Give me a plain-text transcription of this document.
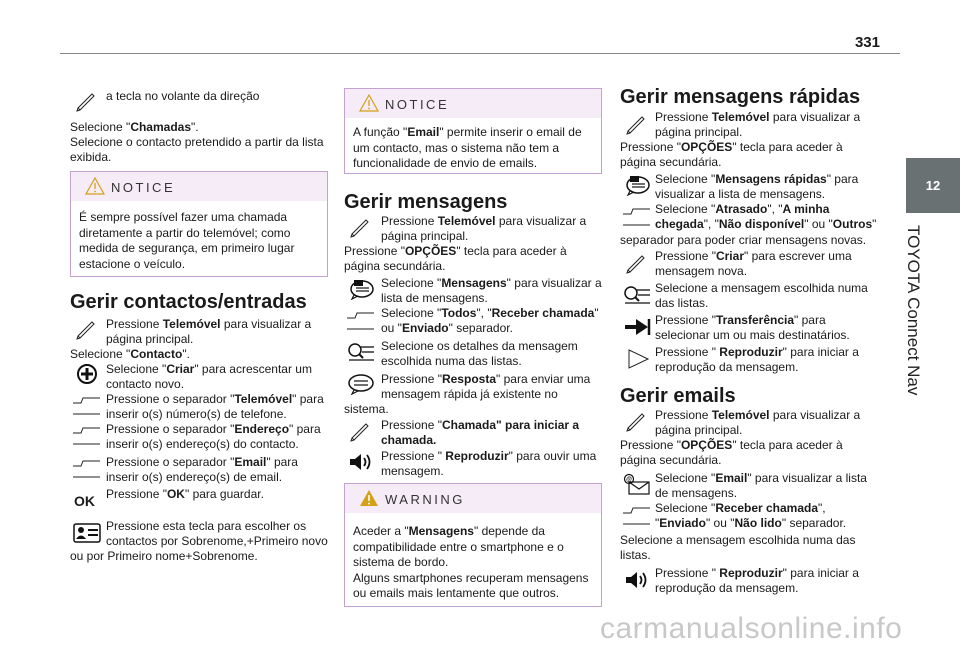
331
12
TOYOTA Connect Nav
a tecla no volante da direção
Selecione "Chamadas".
Selecione o contacto pretendido a partir da lista
exibida.
NOTICE
É sempre possível fazer uma chamada
diretamente a partir do telemóvel; como
medida de segurança, em primeiro lugar
estacione o veículo.
Gerir contactos/entradas
Pressione Telemóvel para visualizar a
página principal.
Selecione "Contacto".
Selecione "Criar" para acrescentar um
contacto novo.
Pressione o separador "Telemóvel" para
inserir o(s) número(s) de telefone.
Pressione o separador "Endereço" para
inserir o(s) endereço(s) do contacto.
Pressione o separador "Email" para
inserir o(s) endereço(s) de email.
OK Pressione "OK" para guardar.
Pressione esta tecla para escolher os
contactos por Sobrenome,+Primeiro novo
ou por Primeiro nome+Sobrenome.
NOTICE
A função "Email" permite inserir o email de
um contacto, mas o sistema não tem a
funcionalidade de envio de emails.
Gerir mensagens
Pressione Telemóvel para visualizar a
página principal.
Pressione "OPÇÕES" tecla para aceder à
página secundária.
Selecione "Mensagens" para visualizar a
lista de mensagens.
Selecione "Todos", "Receber chamada"
ou "Enviado" separador.
Selecione os detalhes da mensagem
escolhida numa das listas.
Pressione "Resposta" para enviar uma
mensagem rápida já existente no
sistema.
Pressione "Chamada" para iniciar a
chamada.
Pressione " Reproduzir" para ouvir uma
mensagem.
WARNING
Aceder a "Mensagens" depende da
compatibilidade entre o smartphone e o
sistema de bordo.
Alguns smartphones recuperam mensagens
ou emails mais lentamente que outros.
Gerir mensagens rápidas
Pressione Telemóvel para visualizar a
página principal.
Pressione "OPÇÕES" tecla para aceder à
página secundária.
Selecione "Mensagens rápidas" para
visualizar a lista de mensagens.
Selecione "Atrasado", "A minha
chegada", "Não disponível" ou "Outros"
separador para poder criar mensagens novas.
Pressione "Criar" para escrever uma
mensagem nova.
Selecione a mensagem escolhida numa
das listas.
Pressione "Transferência" para
selecionar um ou mais destinatários.
Pressione " Reproduzir" para iniciar a
reprodução da mensagem.
Gerir emails
Pressione Telemóvel para visualizar a
página principal.
Pressione "OPÇÕES" tecla para aceder à
página secundária.
@ Selecione "Email" para visualizar a lista
de mensagens.
Selecione "Receber chamada",
"Enviado" ou "Não lido" separador.
Selecione a mensagem escolhida numa das
listas.
Pressione " Reproduzir" para iniciar a
reprodução da mensagem.
carmanualsonline.info
